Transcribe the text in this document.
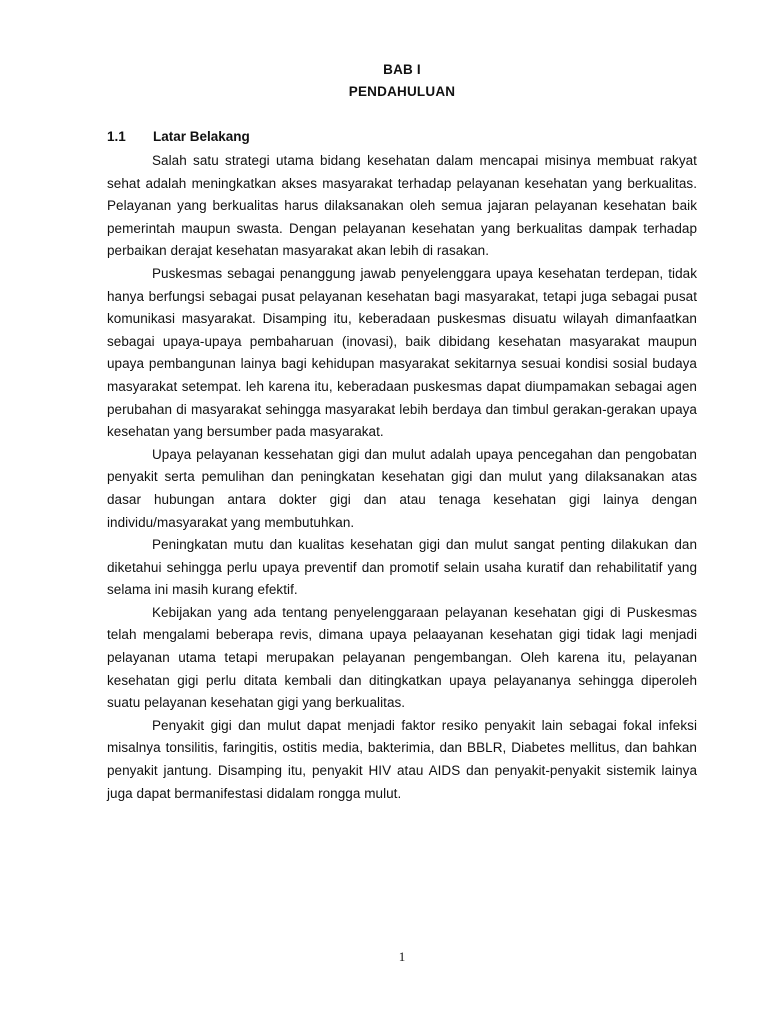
BAB I
PENDAHULUAN
1.1 Latar Belakang

Salah satu strategi utama bidang kesehatan dalam mencapai misinya membuat rakyat sehat adalah meningkatkan akses masyarakat terhadap pelayanan kesehatan yang berkualitas. Pelayanan yang berkualitas harus dilaksanakan oleh semua jajaran pelayanan kesehatan baik pemerintah maupun swasta. Dengan pelayanan kesehatan yang berkualitas dampak terhadap perbaikan derajat kesehatan masyarakat akan lebih di rasakan.

Puskesmas sebagai penanggung jawab penyelenggara upaya kesehatan terdepan, tidak hanya berfungsi sebagai pusat pelayanan kesehatan bagi masyarakat, tetapi juga sebagai pusat komunikasi masyarakat. Disamping itu, keberadaan puskesmas disuatu wilayah dimanfaatkan sebagai upaya-upaya pembaharuan (inovasi), baik dibidang kesehatan masyarakat maupun upaya pembangunan lainya bagi kehidupan masyarakat sekitarnya sesuai kondisi sosial budaya masyarakat setempat. leh karena itu, keberadaan puskesmas dapat diumpamakan sebagai agen perubahan di masyarakat sehingga masyarakat lebih berdaya dan timbul gerakan-gerakan upaya kesehatan yang bersumber pada masyarakat.

Upaya pelayanan kessehatan gigi dan mulut adalah upaya pencegahan dan pengobatan penyakit serta pemulihan dan peningkatan kesehatan gigi dan mulut yang dilaksanakan atas dasar hubungan antara dokter gigi dan atau tenaga kesehatan gigi lainya dengan individu/masyarakat yang membutuhkan.

Peningkatan mutu dan kualitas kesehatan gigi dan mulut sangat penting dilakukan dan diketahui sehingga perlu upaya preventif dan promotif selain usaha kuratif dan rehabilitatif yang selama ini masih kurang efektif.

Kebijakan yang ada tentang penyelenggaraan pelayanan kesehatan gigi di Puskesmas telah mengalami beberapa revis, dimana upaya pelaayanan kesehatan gigi tidak lagi menjadi pelayanan utama tetapi merupakan pelayanan pengembangan. Oleh karena itu, pelayanan kesehatan gigi perlu ditata kembali dan ditingkatkan upaya pelayananya sehingga diperoleh suatu pelayanan kesehatan gigi yang berkualitas.

Penyakit gigi dan mulut dapat menjadi faktor resiko penyakit lain sebagai fokal infeksi misalnya tonsilitis, faringitis, ostitis media, bakterimia, dan BBLR, Diabetes mellitus, dan bahkan penyakit jantung. Disamping itu, penyakit HIV atau AIDS dan penyakit-penyakit sistemik lainya juga dapat bermanifestasi didalam rongga mulut.

1
